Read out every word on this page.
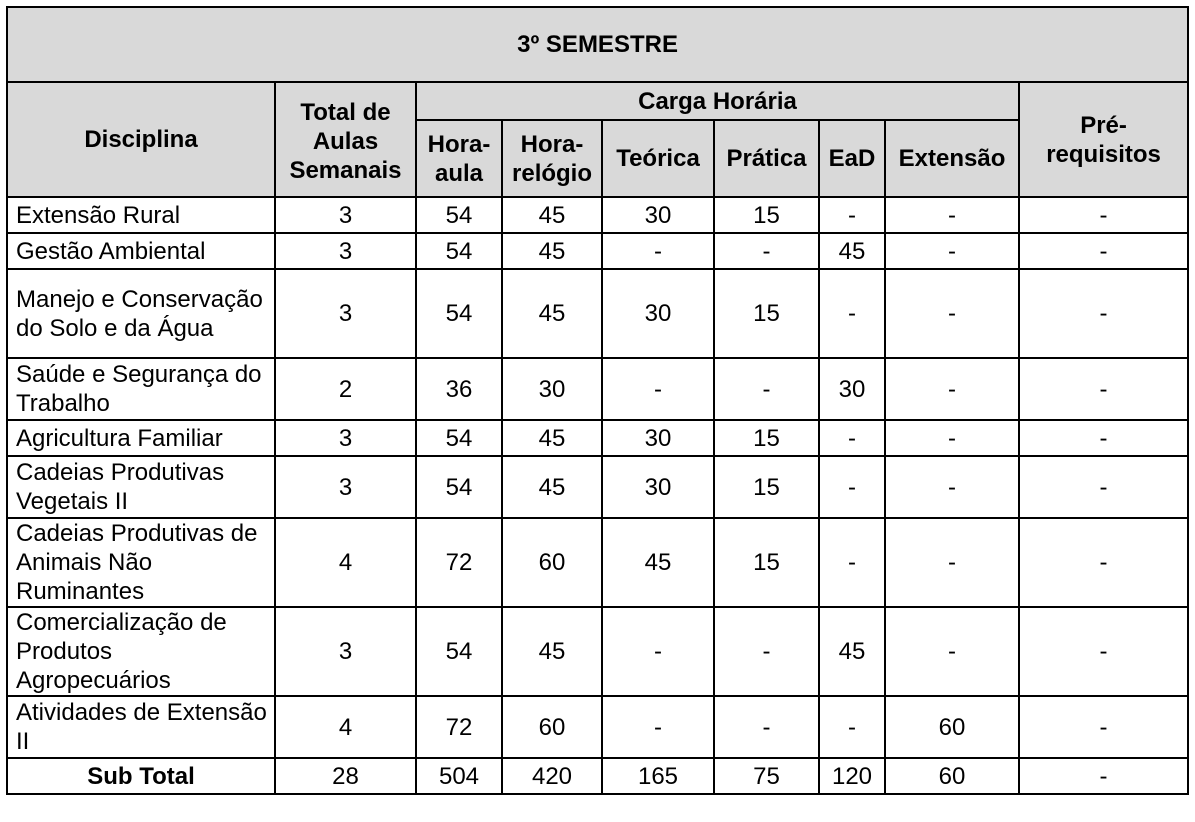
3º SEMESTRE								
Disciplina	Total de Aulas Semanais	Carga Horária						Pré-requisitos
		Hora-aula	Hora-relógio	Teórica	Prática	EaD	Extensão	
Extensão Rural	3	54	45	30	15	-	-	-
Gestão Ambiental	3	54	45	-	-	45	-	-
Manejo e Conservação do Solo e da Água	3	54	45	30	15	-	-	-
Saúde e Segurança do Trabalho	2	36	30	-	-	30	-	-
Agricultura Familiar	3	54	45	30	15	-	-	-
Cadeias Produtivas Vegetais II	3	54	45	30	15	-	-	-
Cadeias Produtivas de Animais Não Ruminantes	4	72	60	45	15	-	-	-
Comercialização de Produtos Agropecuários	3	54	45	-	-	45	-	-
Atividades de Extensão II	4	72	60	-	-	-	60	-
Sub Total	28	504	420	165	75	120	60	-
